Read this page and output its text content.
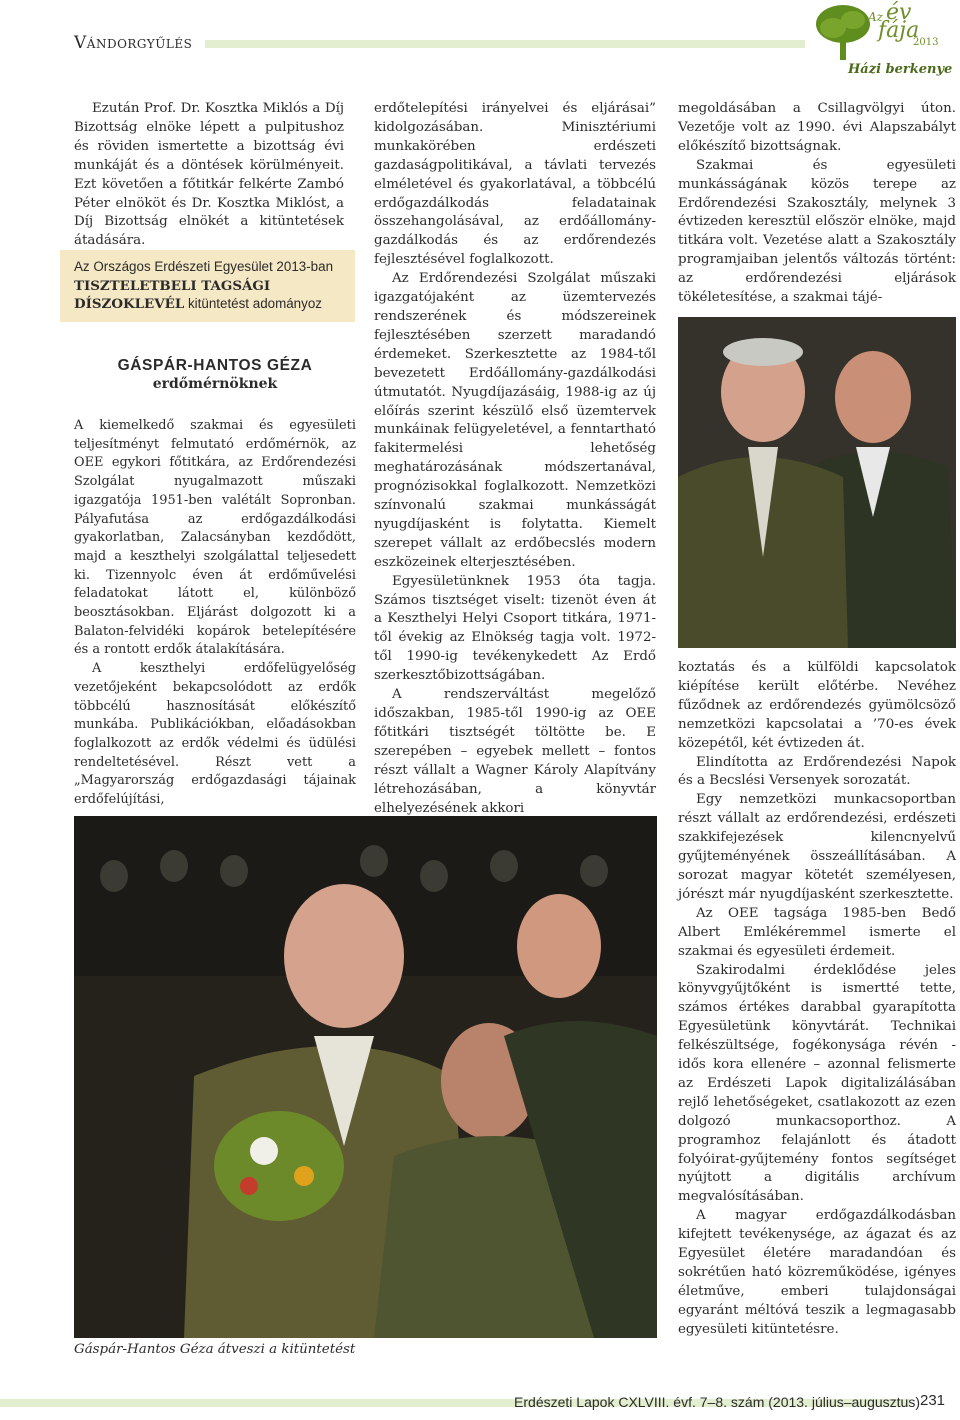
Vándorgyűlés
Az év
fája
2013
Házi berkenye

Ezután Prof. Dr. Kosztka Miklós a Díj Bizottság elnöke lépett a pulpitushoz és röviden ismertette a bizottság évi munkáját és a döntések körülményeit. Ezt követően a főtitkár felkérte Zambó Péter elnököt és Dr. Kosztka Miklóst, a Díj Bizottság elnökét a kitüntetések átadására.

Az Országos Erdészeti Egyesület 2013-ban TISZTELETBELI TAGSÁGI DÍSZOKLEVÉL kitüntetést adományoz
GÁSPÁR-HANTOS GÉZA
erdőmérnöknek

A kiemelkedő szakmai és egyesületi teljesítményt felmutató erdőmérnök, az OEE egykori főtitkára, az Erdőrendezési Szolgálat nyugalmazott műszaki igazgatója 1951-ben valétált Sopronban. Pályafutása az erdőgazdálkodási gyakorlatban, Zalacsányban kezdődött, majd a keszthelyi szolgálattal teljesedett ki. Tizennyolc éven át erdőművelési feladatokat látott el, különböző beosztásokban. Eljárást dolgozott ki a Balaton-felvidéki kopárok betelepítésére és a rontott erdők átalakítására.

A keszthelyi erdőfelügyelőség vezetőjeként bekapcsolódott az erdők többcélú hasznosítását előkészítő munkába. Publikációkban, előadásokban foglalkozott az erdők védelmi és üdülési rendeltetésével. Részt vett a „Magyarország erdőgazdasági tájainak erdőfelújítási,

erdőtelepítési irányelvei és eljárásai” kidolgozásában. Minisztériumi munkakörében erdészeti gazdaságpolitikával, a távlati tervezés elméletével és gyakorlatával, a többcélú erdőgazdálkodás feladatainak összehangolásával, az erdőállomány-gazdálkodás és az erdőrendezés fejlesztésével foglalkozott.

Az Erdőrendezési Szolgálat műszaki igazgatójaként az üzemtervezés rendszerének és módszereinek fejlesztésében szerzett maradandó érdemeket. Szerkesztette az 1984-től bevezetett Erdőállomány-gazdálkodási útmutatót. Nyugdíjazásáig, 1988-ig az új előírás szerint készülő első üzemtervek munkáinak felügyeletével, a fenntartható fakitermelési lehetőség meghatározásának módszertanával, prognózisokkal foglalkozott. Nemzetközi színvonalú szakmai munkásságát nyugdíjasként is folytatta. Kiemelt szerepet vállalt az erdőbecslés modern eszközeinek elterjesztésében.

Egyesületünknek 1953 óta tagja. Számos tisztséget viselt: tizenöt éven át a Keszthelyi Helyi Csoport titkára, 1971-től évekig az Elnökség tagja volt. 1972-től 1990-ig tevékenykedett Az Erdő szerkesztőbizottságában.

A rendszerváltást megelőző időszakban, 1985-től 1990-ig az OEE főtitkári tisztségét töltötte be. E szerepében – egyebek mellett – fontos részt vállalt a Wagner Károly Alapítvány létrehozásában, a könyvtár elhelyezésének akkori

megoldásában a Csillagvölgyi úton. Vezetője volt az 1990. évi Alapszabályt előkészítő bizottságnak.

Szakmai és egyesületi munkásságának közös terepe az Erdőrendezési Szakosztály, melynek 3 évtizeden keresztül először elnöke, majd titkára volt. Vezetése alatt a Szakosztály programjaiban jelentős változás történt: az erdőrendezési eljárások tökéletesítése, a szakmai tájé-

koztatás és a külföldi kapcsolatok kiépítése került előtérbe. Nevéhez fűződnek az erdőrendezés gyümölcsöző nemzetközi kapcsolatai a ’70-es évek közepétől, két évtizeden át.

Elindította az Erdőrendezési Napok és a Becslési Versenyek sorozatát.

Egy nemzetközi munkacsoportban részt vállalt az erdőrendezési, erdészeti szakkifejezések kilencnyelvű gyűjteményének összeállításában. A sorozat magyar kötetét személyesen, jórészt már nyugdíjasként szerkesztette.

Az OEE tagsága 1985-ben Bedő Albert Emlékéremmel ismerte el szakmai és egyesületi érdemeit.

Szakirodalmi érdeklődése jeles könyvgyűjtőként is ismertté tette, számos értékes darabbal gyarapította Egyesületünk könyvtárát. Technikai felkészültsége, fogékonysága révén - idős kora ellenére – azonnal felismerte az Erdészeti Lapok digitalizálásában rejlő lehetőségeket, csatlakozott az ezen dolgozó munkacsoporthoz. A programhoz felajánlott és átadott folyóirat-gyűjtemény fontos segítséget nyújtott a digitális archívum megvalósításában.

A magyar erdőgazdálkodásban kifejtett tevékenysége, az ágazat és az Egyesület életére maradandóan és sokrétűen ható közreműködése, igényes életműve, emberi tulajdonságai egyaránt méltóvá teszik a legmagasabb egyesületi kitüntetésre.

Gáspár-Hantos Géza átveszi a kitüntetést
Erdészeti Lapok CXLVIII. évf. 7–8. szám (2013. július–augusztus) 231
